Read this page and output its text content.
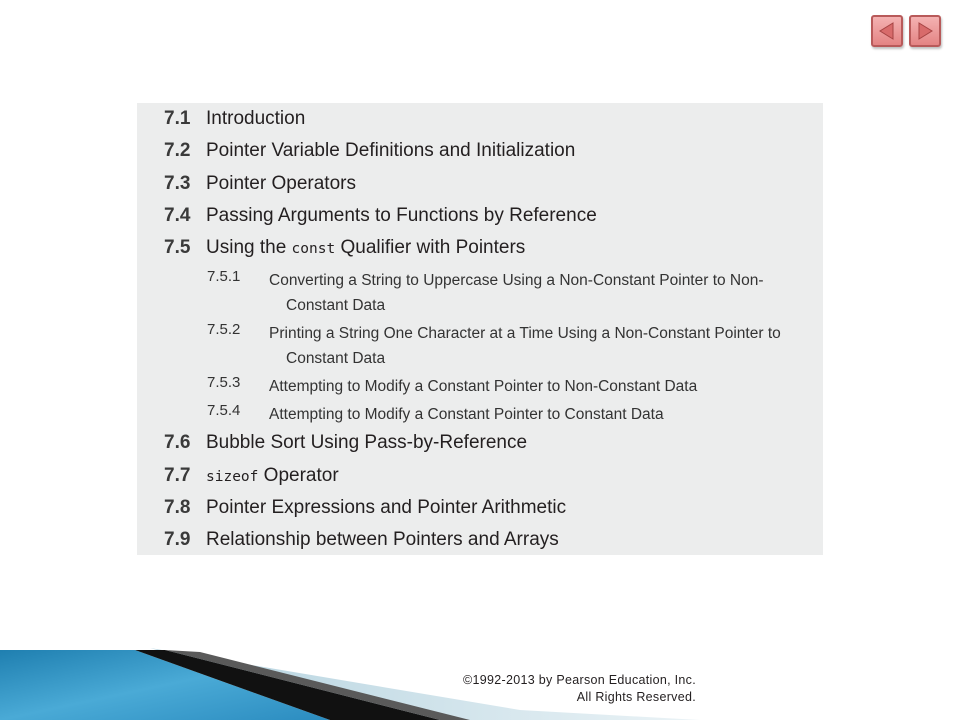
7.1 Introduction
7.2 Pointer Variable Definitions and Initialization
7.3 Pointer Operators
7.4 Passing Arguments to Functions by Reference
7.5 Using the const Qualifier with Pointers
7.5.1 Converting a String to Uppercase Using a Non-Constant Pointer to Non-
Constant Data
7.5.2 Printing a String One Character at a Time Using a Non-Constant Pointer to
Constant Data
7.5.3 Attempting to Modify a Constant Pointer to Non-Constant Data
7.5.4 Attempting to Modify a Constant Pointer to Constant Data
7.6 Bubble Sort Using Pass-by-Reference
7.7	sizeof Operator
7.8 Pointer Expressions and Pointer Arithmetic
7.9 Relationship between Pointers and Arrays
©1992-2013 by Pearson Education, Inc.
All Rights Reserved.
